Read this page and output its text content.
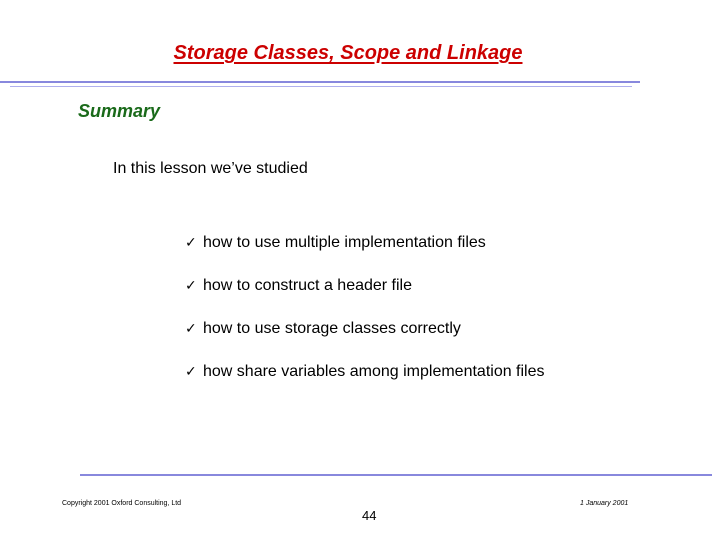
Storage Classes, Scope and Linkage
Summary
In this lesson we’ve studied
✓ how to use multiple implementation files
✓ how to construct a header file
✓ how to use storage classes correctly
✓ how share variables among implementation files
Copyright 2001 Oxford Consulting, Ltd
44
1 January 2001
